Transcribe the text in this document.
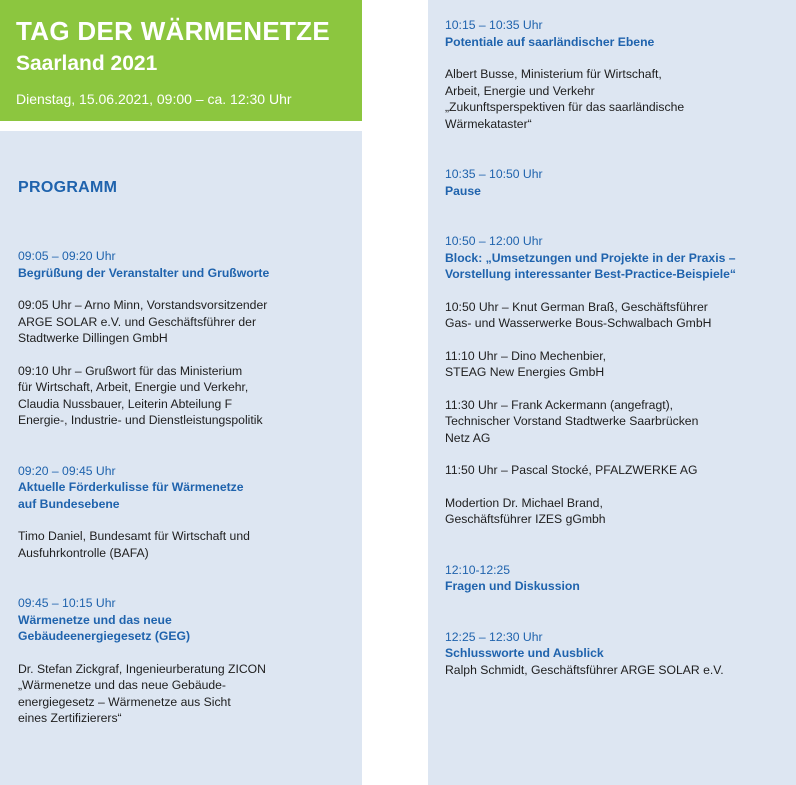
TAG DER WÄRMENETZE
Saarland 2021
Dienstag, 15.06.2021, 09:00 – ca. 12:30 Uhr
PROGRAMM
09:05 – 09:20 Uhr
Begrüßung der Veranstalter und Grußworte
09:05 Uhr – Arno Minn, Vorstandsvorsitzender
ARGE SOLAR e.V. und Geschäftsführer der
Stadtwerke Dillingen GmbH
09:10 Uhr – Grußwort für das Ministerium
für Wirtschaft, Arbeit, Energie und Verkehr,
Claudia Nussbauer, Leiterin Abteilung F
Energie-, Industrie- und Dienstleistungspolitik
09:20 – 09:45 Uhr
Aktuelle Förderkulisse für Wärmenetze
auf Bundesebene
Timo Daniel, Bundesamt für Wirtschaft und
Ausfuhrkontrolle (BAFA)
09:45 – 10:15 Uhr
Wärmenetze und das neue
Gebäudeenergiegesetz (GEG)
Dr. Stefan Zickgraf, Ingenieurberatung ZICON
„Wärmenetze und das neue Gebäude-
energiegesetz – Wärmenetze aus Sicht
eines Zertifizierers“
10:15 – 10:35 Uhr
Potentiale auf saarländischer Ebene
Albert Busse, Ministerium für Wirtschaft,
Arbeit, Energie und Verkehr
„Zukunftsperspektiven für das saarländische
Wärmekataster“
10:35 – 10:50 Uhr
Pause
10:50 – 12:00 Uhr
Block: „Umsetzungen und Projekte in der Praxis –
Vorstellung interessanter Best-Practice-Beispiele“
10:50 Uhr – Knut German Braß, Geschäftsführer
Gas- und Wasserwerke Bous-Schwalbach GmbH
11:10 Uhr – Dino Mechenbier,
STEAG New Energies GmbH
11:30 Uhr – Frank Ackermann (angefragt),
Technischer Vorstand Stadtwerke Saarbrücken
Netz AG
11:50 Uhr – Pascal Stocké, PFALZWERKE AG
Modertion Dr. Michael Brand,
Geschäftsführer IZES gGmbh
12:10-12:25
Fragen und Diskussion
12:25 – 12:30 Uhr
Schlussworte und Ausblick
Ralph Schmidt, Geschäftsführer ARGE SOLAR e.V.
